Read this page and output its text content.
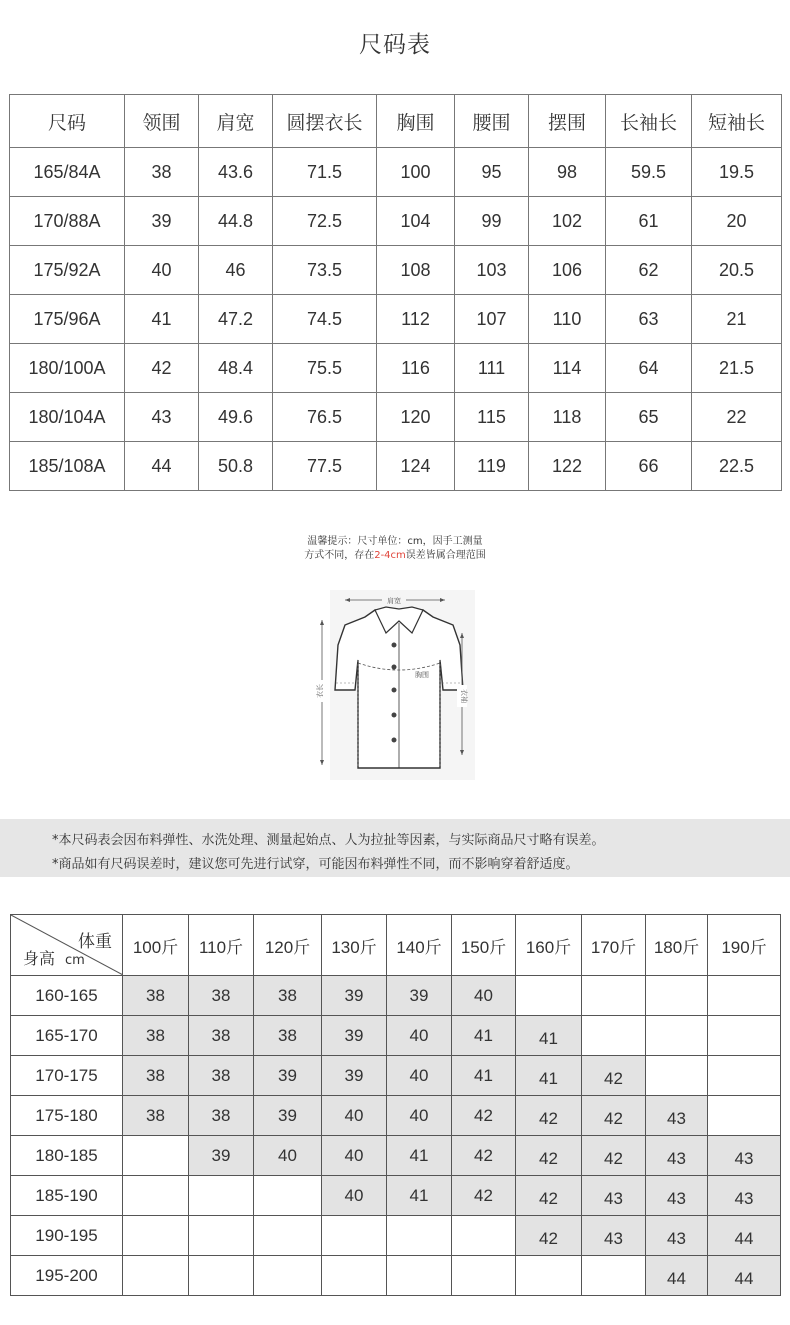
尺码表
尺码	领围	肩宽	圆摆衣长	胸围	腰围	摆围	长袖长	短袖长
165/84A	38	43.6	71.5	100	95	98	59.5	19.5
170/88A	39	44.8	72.5	104	99	102	61	20
175/92A	40	46	73.5	108	103	106	62	20.5
175/96A	41	47.2	74.5	112	107	110	63	21
180/100A	42	48.4	75.5	116	111	114	64	21.5
180/104A	43	49.6	76.5	120	115	118	65	22
185/108A	44	50.8	77.5	124	119	122	66	22.5
温馨提示：尺寸单位：cm，因手工测量
方式不同，存在2-4cm误差皆属合理范围
肩宽
胸围
衣长	衣袖
*本尺码表会因布料弹性、水洗处理、测量起始点、人为拉扯等因素，与实际商品尺寸略有误差。
*商品如有尺码误差时，建议您可先进行试穿，可能因布料弹性不同，而不影响穿着舒适度。
体重
身高 cm	100斤	110斤	120斤	130斤	140斤	150斤	160斤	170斤	180斤	190斤
160-165	38	38	38	39	39	40				
165-170	38	38	38	39	40	41	41			
170-175	38	38	39	39	40	41	41	42		
175-180	38	38	39	40	40	42	42	42	43	
180-185		39	40	40	41	42	42	42	43	43
185-190				40	41	42	42	43	43	43
190-195							42	43	43	44
195-200									44	44
